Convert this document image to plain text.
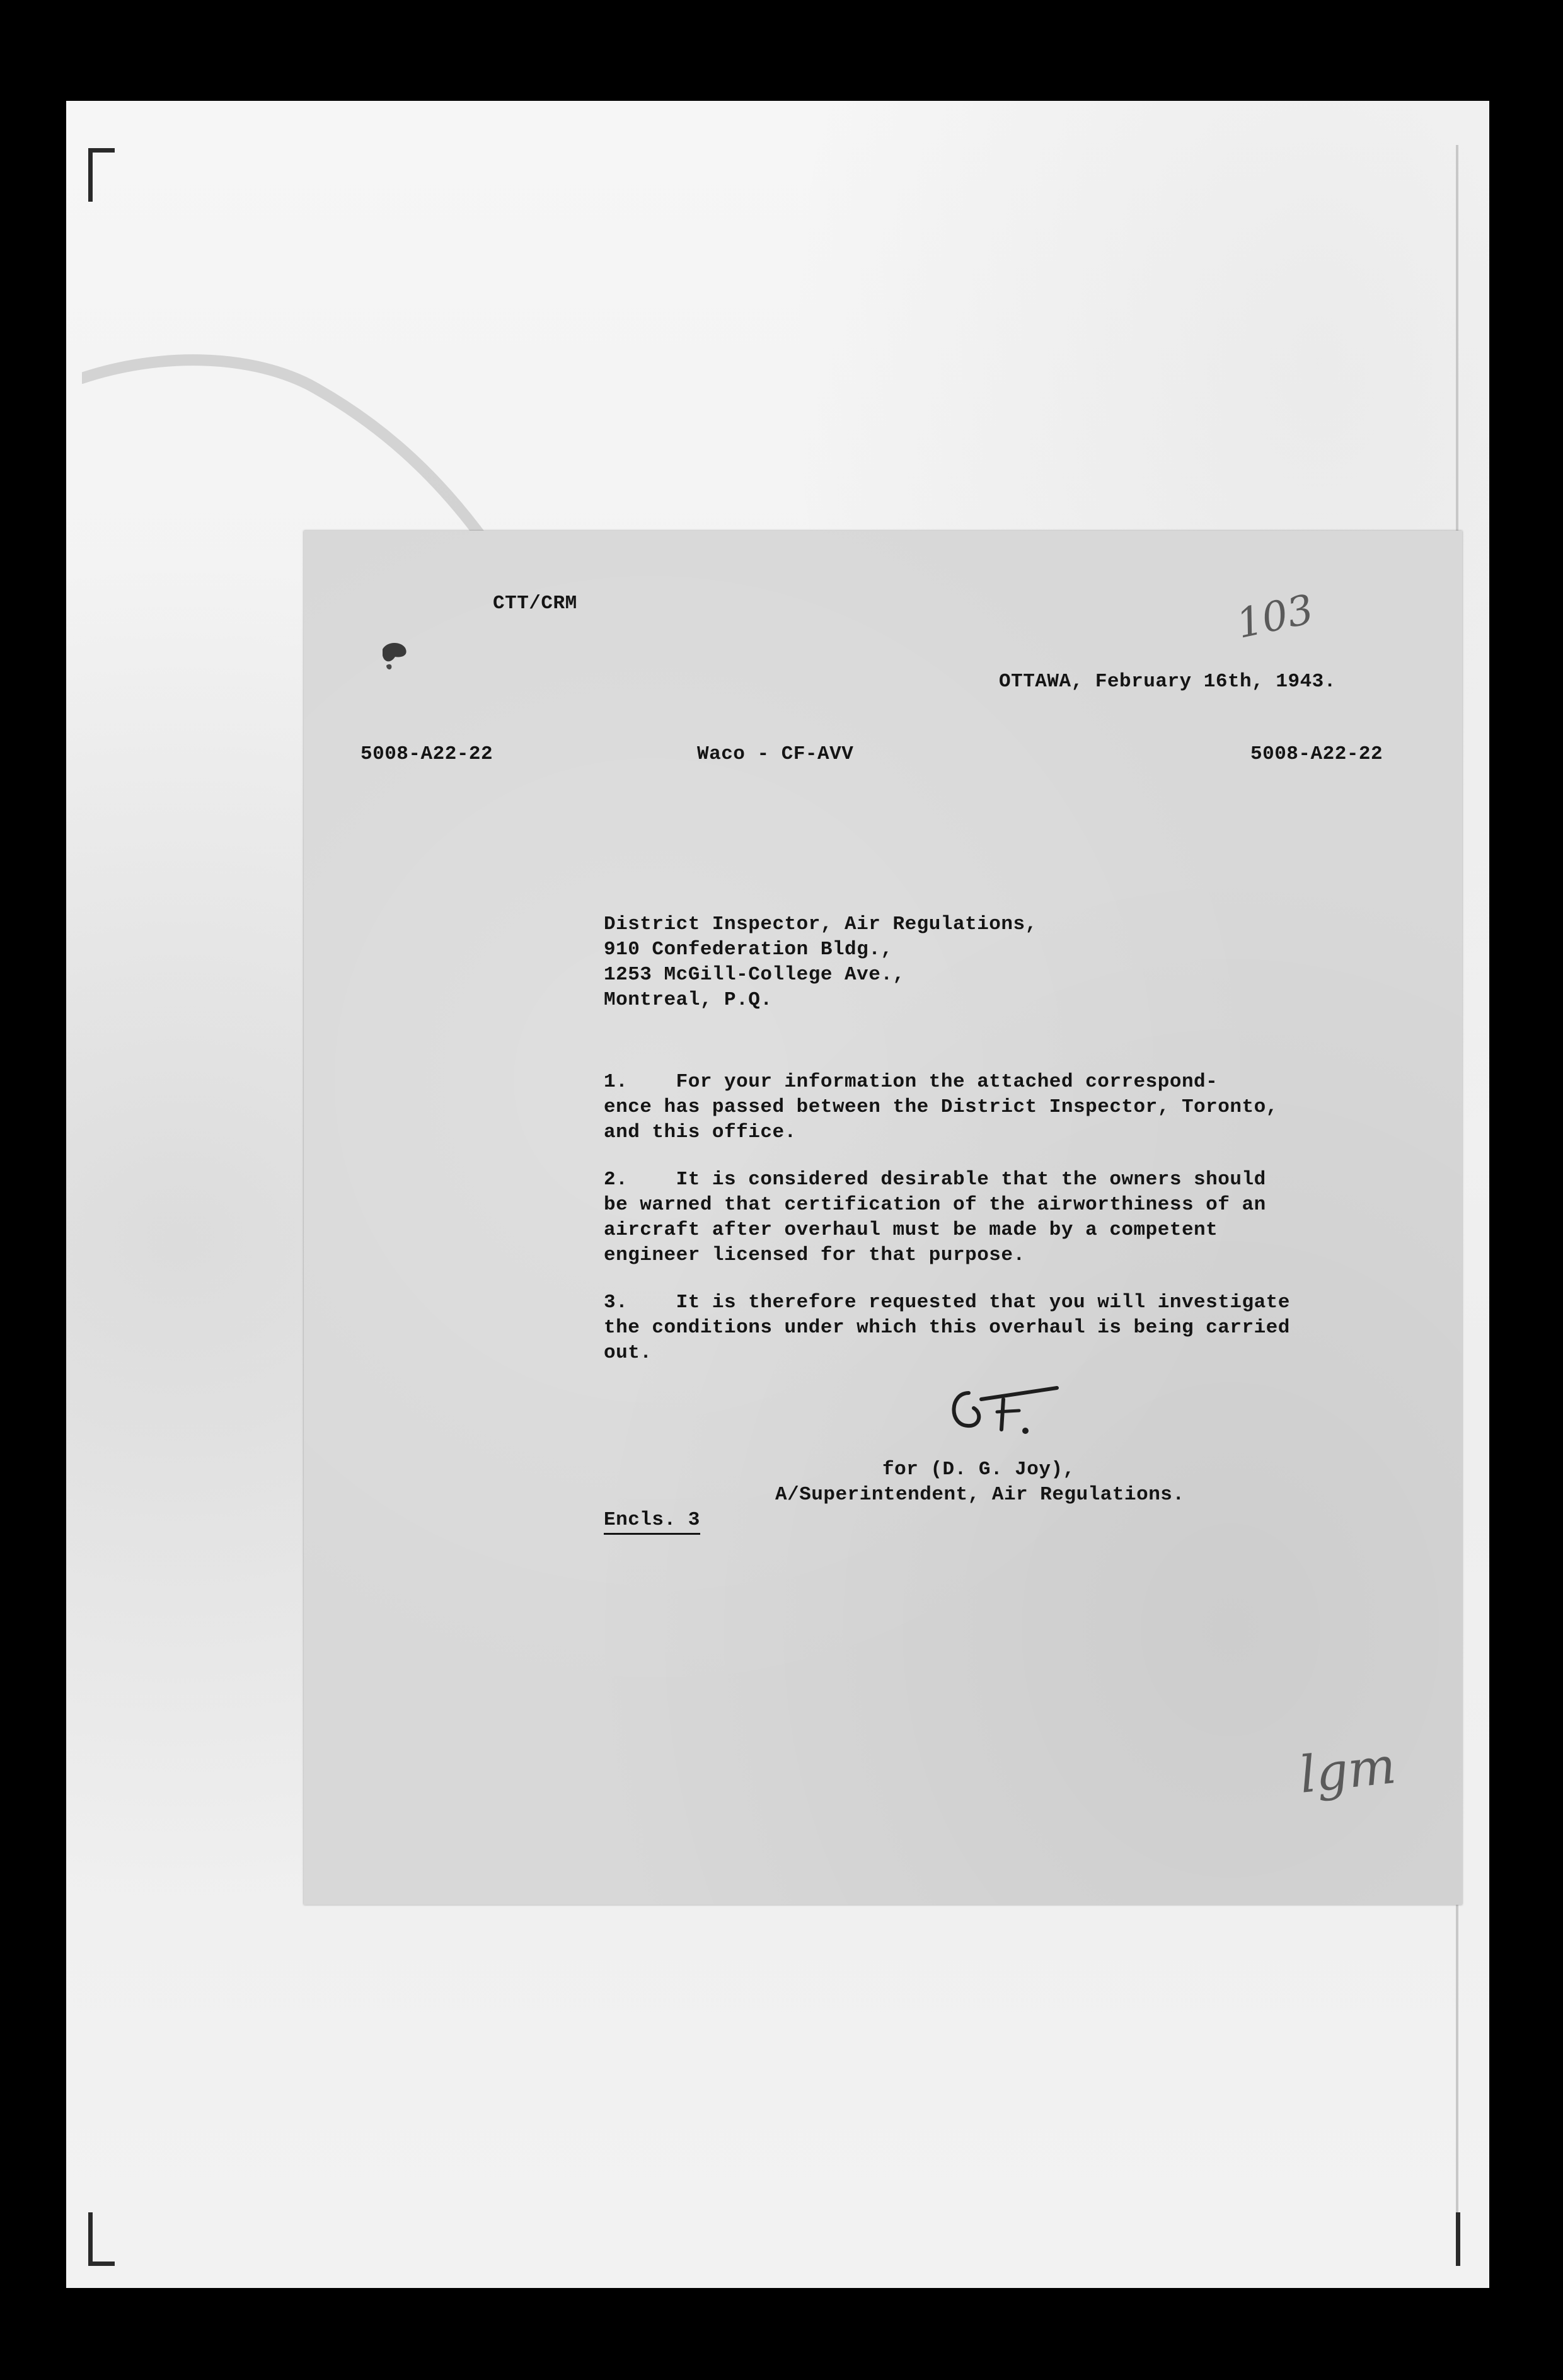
CTT/CRM	103
OTTAWA, February 16th, 1943.
5008-A22-22	Waco - CF-AVV	5008-A22-22
District Inspector, Air Regulations,
910 Confederation Bldg.,
1253 McGill-College Ave.,
Montreal, P.Q.
1.    For your information the attached correspond-
ence has passed between the District Inspector, Toronto,
and this office.
2.    It is considered desirable that the owners should
be warned that certification of the airworthiness of an
aircraft after overhaul must be made by a competent
engineer licensed for that purpose.
3.    It is therefore requested that you will investigate
the conditions under which this overhaul is being carried
out.
for (D. G. Joy),
A/Superintendent, Air Regulations.
Encls. 3
lgm
